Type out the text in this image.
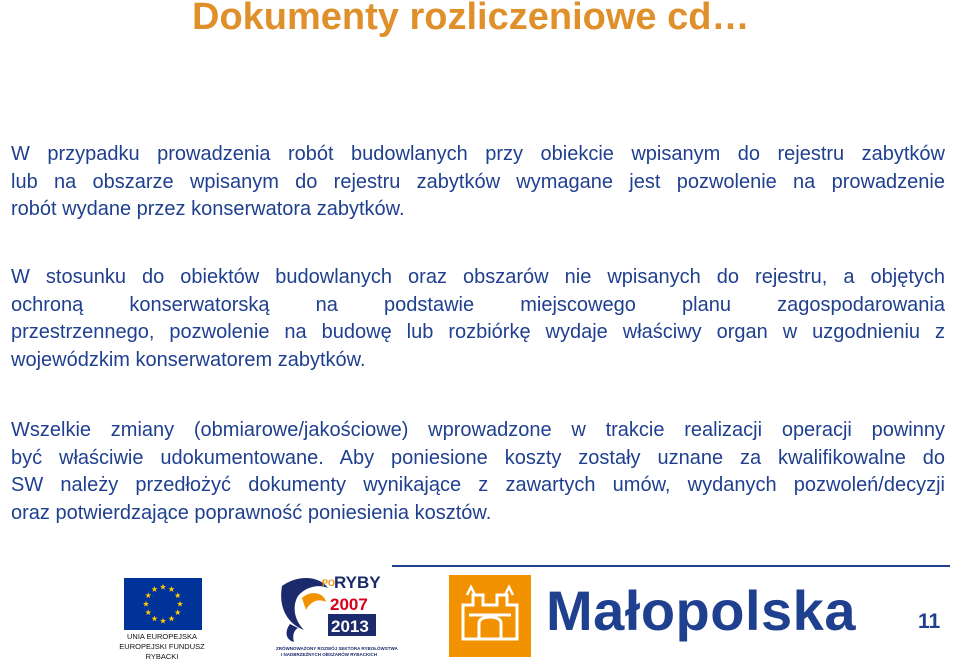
Dokumenty rozliczeniowe cd…
W przypadku prowadzenia robót budowlanych przy obiekcie wpisanym do rejestru zabytków
lub na obszarze wpisanym do rejestru zabytków wymagane jest pozwolenie na prowadzenie
robót wydane przez konserwatora zabytków.
W stosunku do obiektów budowlanych oraz obszarów nie wpisanych do rejestru, a objętych
ochroną konserwatorską na podstawie miejscowego planu zagospodarowania
przestrzennego, pozwolenie na budowę lub rozbiórkę wydaje właściwy organ w uzgodnieniu z
wojewódzkim konserwatorem zabytków.
Wszelkie zmiany (obmiarowe/jakościowe) wprowadzone w trakcie realizacji operacji powinny
być właściwie udokumentowane. Aby poniesione koszty zostały uznane za kwalifikowalne do
SW należy przedłożyć dokumenty wynikające z zawartych umów, wydanych pozwoleń/decyzji
oraz potwierdzające poprawność poniesienia kosztów.
UNIA EUROPEJSKA
EUROPEJSKI FUNDUSZ
RYBACKI
PO
RYBY
2007
2013
ZRÓWNOWAŻONY ROZWÓJ SEKTORA RYBOŁÓWSTWA
I NADBRZEŻNYCH OBSZARÓW RYBACKICH

Małopolska	11
